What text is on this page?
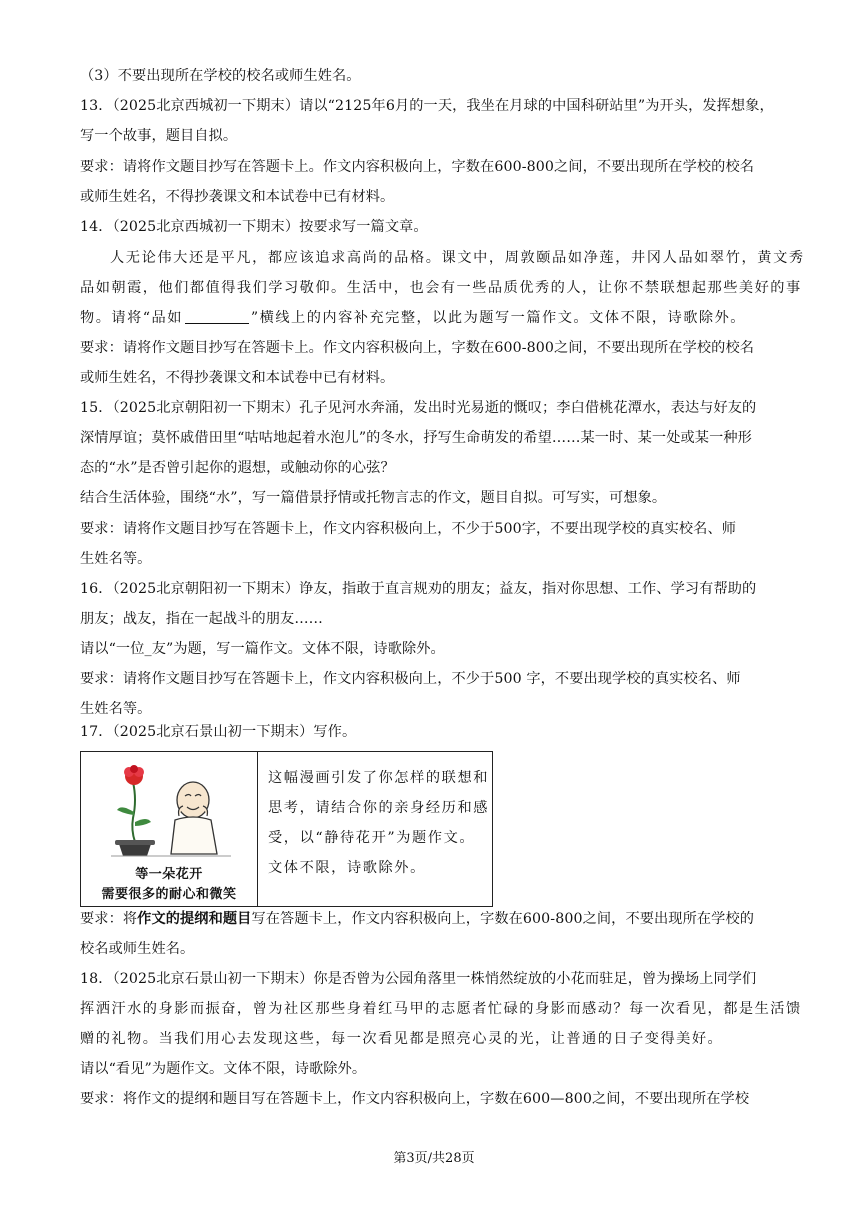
（3）不要出现所在学校的校名或师生姓名。
13．（2025北京西城初一下期末）请以“2125年6月的一天，我坐在月球的中国科研站里”为开头，发挥想象，
写一个故事，题目自拟。
要求：请将作文题目抄写在答题卡上。作文内容积极向上，字数在600-800之间，不要出现所在学校的校名
或师生姓名，不得抄袭课文和本试卷中已有材料。
14．（2025北京西城初一下期末）按要求写一篇文章。
人无论伟大还是平凡，都应该追求高尚的品格。课文中，周敦颐品如净莲，井冈人品如翠竹，黄文秀
品如朝霞，他们都值得我们学习敬仰。生活中，也会有一些品质优秀的人，让你不禁联想起那些美好的事
物。请将“品如	”横线上的内容补充完整，以此为题写一篇作文。文体不限，诗歌除外。
要求：请将作文题目抄写在答题卡上。作文内容积极向上，字数在600-800之间，不要出现所在学校的校名
或师生姓名，不得抄袭课文和本试卷中已有材料。
15．（2025北京朝阳初一下期末）孔子见河水奔涌，发出时光易逝的慨叹；李白借桃花潭水，表达与好友的
深情厚谊；莫怀戚借田里“咕咕地起着水泡儿”的冬水，抒写生命萌发的希望……某一时、某一处或某一种形
态的“水”是否曾引起你的遐想，或触动你的心弦？
结合生活体验，围绕“水”，写一篇借景抒情或托物言志的作文，题目自拟。可写实，可想象。
要求：请将作文题目抄写在答题卡上，作文内容积极向上，不少于500字，不要出现学校的真实校名、师
生姓名等。
16．（2025北京朝阳初一下期末）诤友，指敢于直言规劝的朋友；益友，指对你思想、工作、学习有帮助的
朋友；战友，指在一起战斗的朋友……
请以“一位_友”为题，写一篇作文。文体不限，诗歌除外。
要求：请将作文题目抄写在答题卡上，作文内容积极向上，不少于500 字，不要出现学校的真实校名、师
生姓名等。
17．（2025北京石景山初一下期末）写作。
等一朵花开
需要很多的耐心和微笑
这幅漫画引发了你怎样的联想和
思考，请结合你的亲身经历和感
受，以“静待花开”为题作文。
文体不限，诗歌除外。
要求：将作文的提纲和题目写在答题卡上，作文内容积极向上，字数在600-800之间，不要出现所在学校的
校名或师生姓名。
18．（2025北京石景山初一下期末）你是否曾为公园角落里一株悄然绽放的小花而驻足，曾为操场上同学们
挥洒汗水的身影而振奋，曾为社区那些身着红马甲的志愿者忙碌的身影而感动？每一次看见，都是生活馈
赠的礼物。当我们用心去发现这些，每一次看见都是照亮心灵的光，让普通的日子变得美好。
请以“看见”为题作文。文体不限，诗歌除外。
要求：将作文的提纲和题目写在答题卡上，作文内容积极向上，字数在600—800之间，不要出现所在学校
第3页/共28页
